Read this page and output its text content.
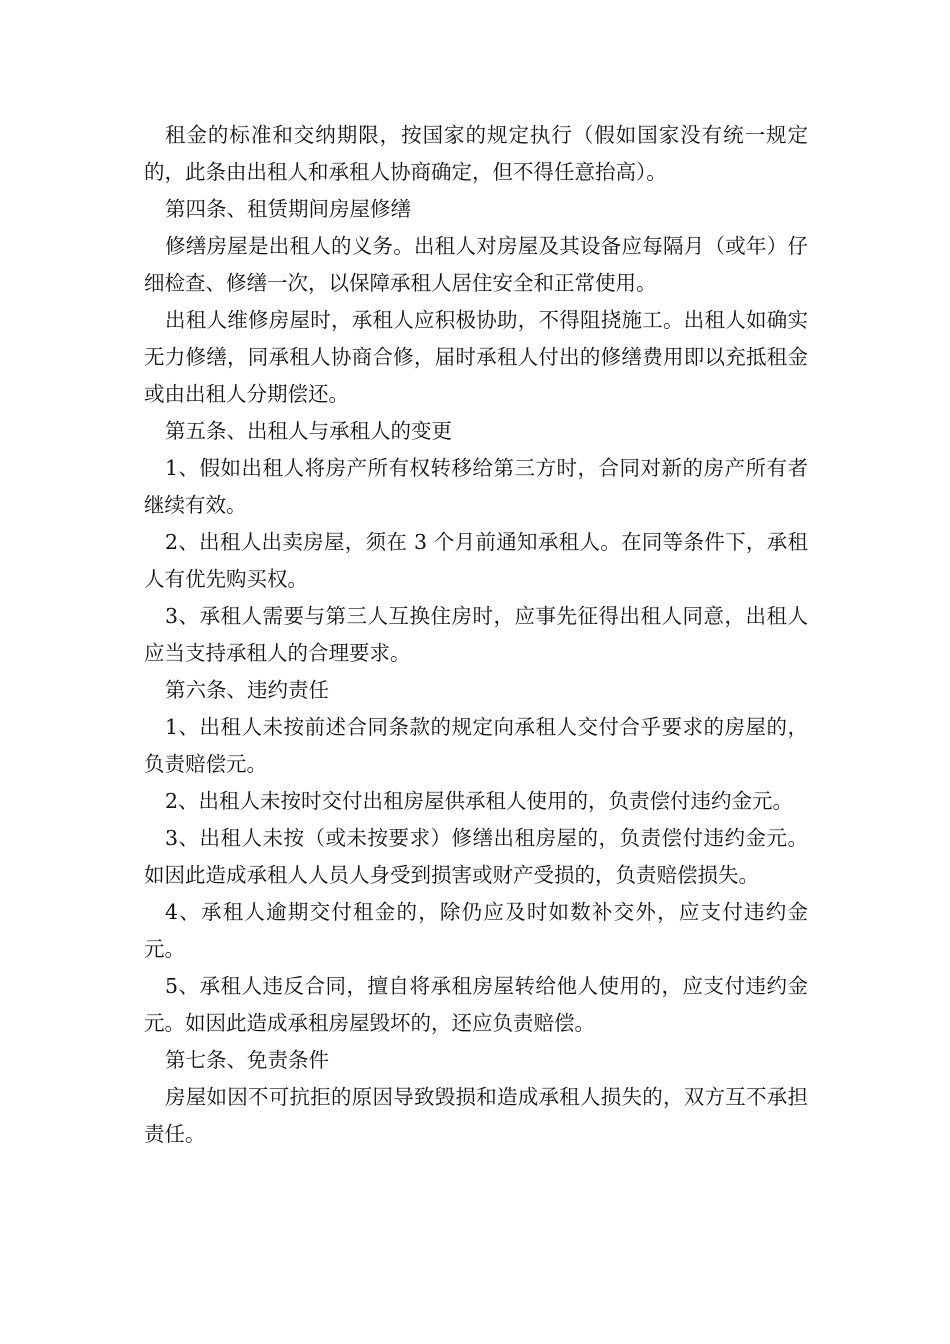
租金的标准和交纳期限，按国家的规定执行（假如国家没有统一规定的，此条由出租人和承租人协商确定，但不得任意抬高）。

第四条、租赁期间房屋修缮

修缮房屋是出租人的义务。出租人对房屋及其设备应每隔月（或年）仔细检查、修缮一次，以保障承租人居住安全和正常使用。

出租人维修房屋时，承租人应积极协助，不得阻挠施工。出租人如确实无力修缮，同承租人协商合修，届时承租人付出的修缮费用即以充抵租金或由出租人分期偿还。

第五条、出租人与承租人的变更

1、假如出租人将房产所有权转移给第三方时，合同对新的房产所有者继续有效。

2、出租人出卖房屋，须在 3 个月前通知承租人。在同等条件下，承租人有优先购买权。

3、承租人需要与第三人互换住房时，应事先征得出租人同意，出租人应当支持承租人的合理要求。

第六条、违约责任

1、出租人未按前述合同条款的规定向承租人交付合乎要求的房屋的，负责赔偿元。

2、出租人未按时交付出租房屋供承租人使用的，负责偿付违约金元。

3、出租人未按（或未按要求）修缮出租房屋的，负责偿付违约金元。如因此造成承租人人员人身受到损害或财产受损的，负责赔偿损失。

4、承租人逾期交付租金的，除仍应及时如数补交外，应支付违约金元。

5、承租人违反合同，擅自将承租房屋转给他人使用的，应支付违约金元。如因此造成承租房屋毁坏的，还应负责赔偿。

第七条、免责条件

房屋如因不可抗拒的原因导致毁损和造成承租人损失的，双方互不承担责任。
